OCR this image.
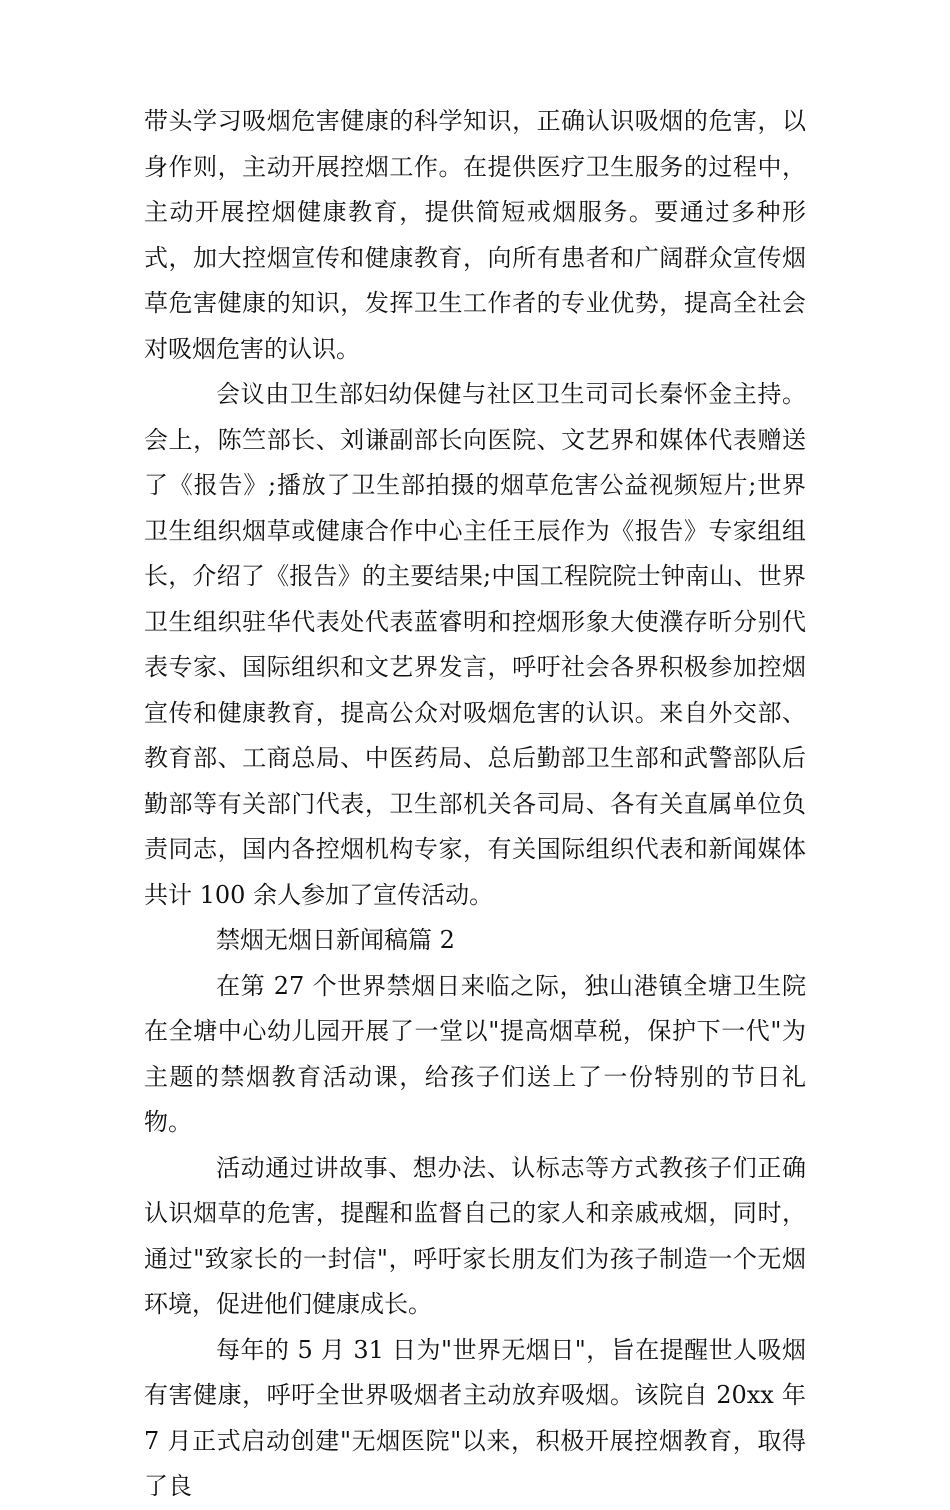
带头学习吸烟危害健康的科学知识，正确认识吸烟的危害，以身作则，主动开展控烟工作。在提供医疗卫生服务的过程中，主动开展控烟健康教育，提供简短戒烟服务。要通过多种形式，加大控烟宣传和健康教育，向所有患者和广阔群众宣传烟草危害健康的知识，发挥卫生工作者的专业优势，提高全社会对吸烟危害的认识。

会议由卫生部妇幼保健与社区卫生司司长秦怀金主持。会上，陈竺部长、刘谦副部长向医院、文艺界和媒体代表赠送了《报告》;播放了卫生部拍摄的烟草危害公益视频短片;世界卫生组织烟草或健康合作中心主任王辰作为《报告》专家组组长，介绍了《报告》的主要结果;中国工程院院士钟南山、世界卫生组织驻华代表处代表蓝睿明和控烟形象大使濮存昕分别代表专家、国际组织和文艺界发言，呼吁社会各界积极参加控烟宣传和健康教育，提高公众对吸烟危害的认识。来自外交部、教育部、工商总局、中医药局、总后勤部卫生部和武警部队后勤部等有关部门代表，卫生部机关各司局、各有关直属单位负责同志，国内各控烟机构专家，有关国际组织代表和新闻媒体共计 100 余人参加了宣传活动。

禁烟无烟日新闻稿篇 2

在第 27 个世界禁烟日来临之际，独山港镇全塘卫生院在全塘中心幼儿园开展了一堂以"提高烟草税，保护下一代"为主题的禁烟教育活动课，给孩子们送上了一份特别的节日礼物。

活动通过讲故事、想办法、认标志等方式教孩子们正确认识烟草的危害，提醒和监督自己的家人和亲戚戒烟，同时，通过"致家长的一封信"，呼吁家长朋友们为孩子制造一个无烟环境，促进他们健康成长。

每年的 5 月 31 日为"世界无烟日"，旨在提醒世人吸烟有害健康，呼吁全世界吸烟者主动放弃吸烟。该院自 20xx 年 7 月正式启动创建"无烟医院"以来，积极开展控烟教育，取得了良
